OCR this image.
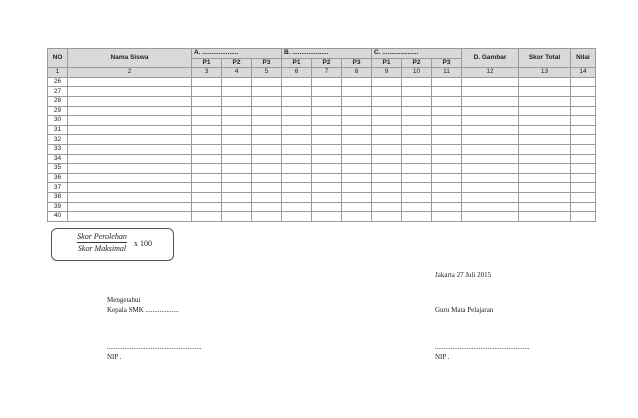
NO	Nama Siswa	A. ....................			B. ....................			C. ....................			D. Gambar	Skor Total	Nilai
		P1	P2	P3	P1	P2	P3	P1	P2	P3			
1	2	3	4	5	6	7	8	9	10	11	12	13	14
26													
27													
28													
29													
30													
31													
32													
33													
34													
35													
36													
37													
38													
39													
40													
Skor Perolehan
Skor Maksimal
x 100
Jakarta 27 Juli 2015
Mengetahui
Kepala SMK ...................	Guru Mata Pelajaran
......................................................	......................................................
NIP .	NIP .
